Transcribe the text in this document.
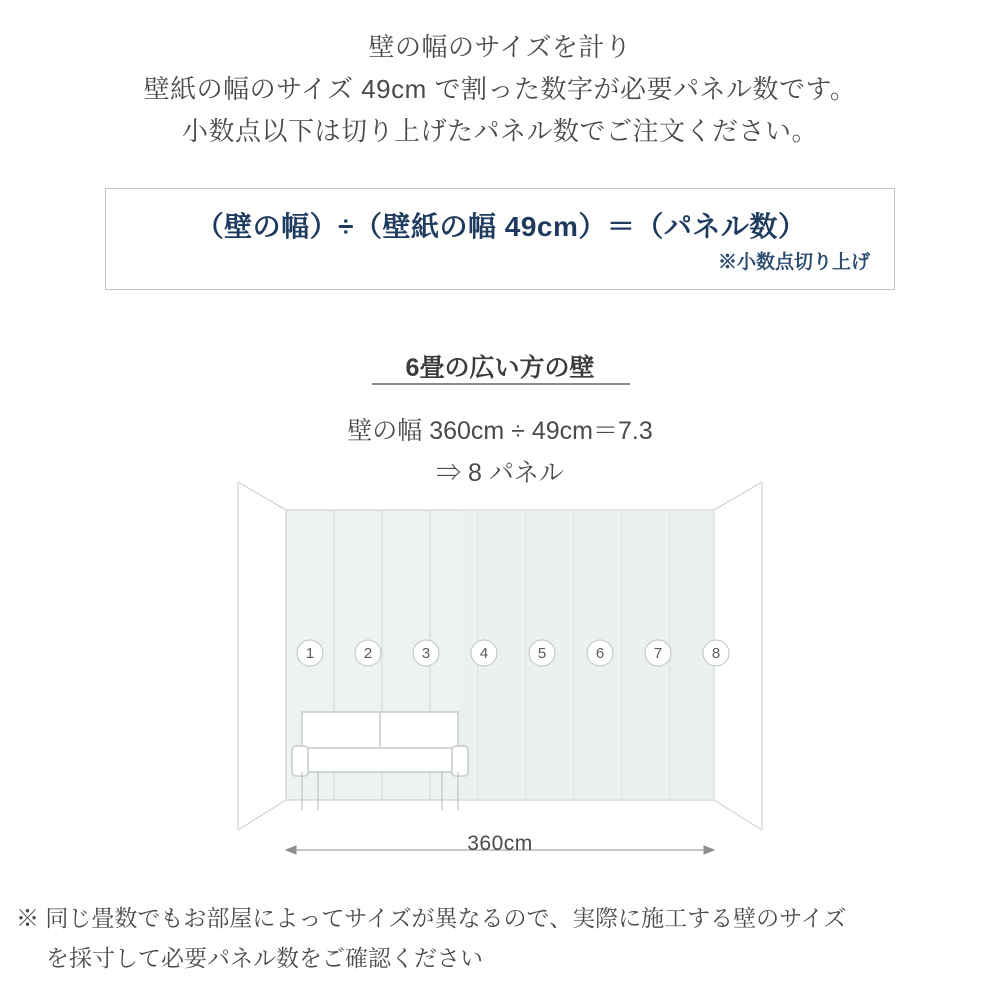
壁の幅のサイズを計り
壁紙の幅のサイズ 49cm で割った数字が必要パネル数です。
小数点以下は切り上げたパネル数でご注文ください。
（壁の幅）÷（壁紙の幅 49cm）＝（パネル数）
※小数点切り上げ
6畳の広い方の壁
壁の幅 360cm ÷ 49cm＝7.3
⇒ 8 パネル
1	2	3	4	5	6	7	8
360cm
※ 同じ畳数でもお部屋によってサイズが異なるので、実際に施工する壁のサイズ
を採寸して必要パネル数をご確認ください
